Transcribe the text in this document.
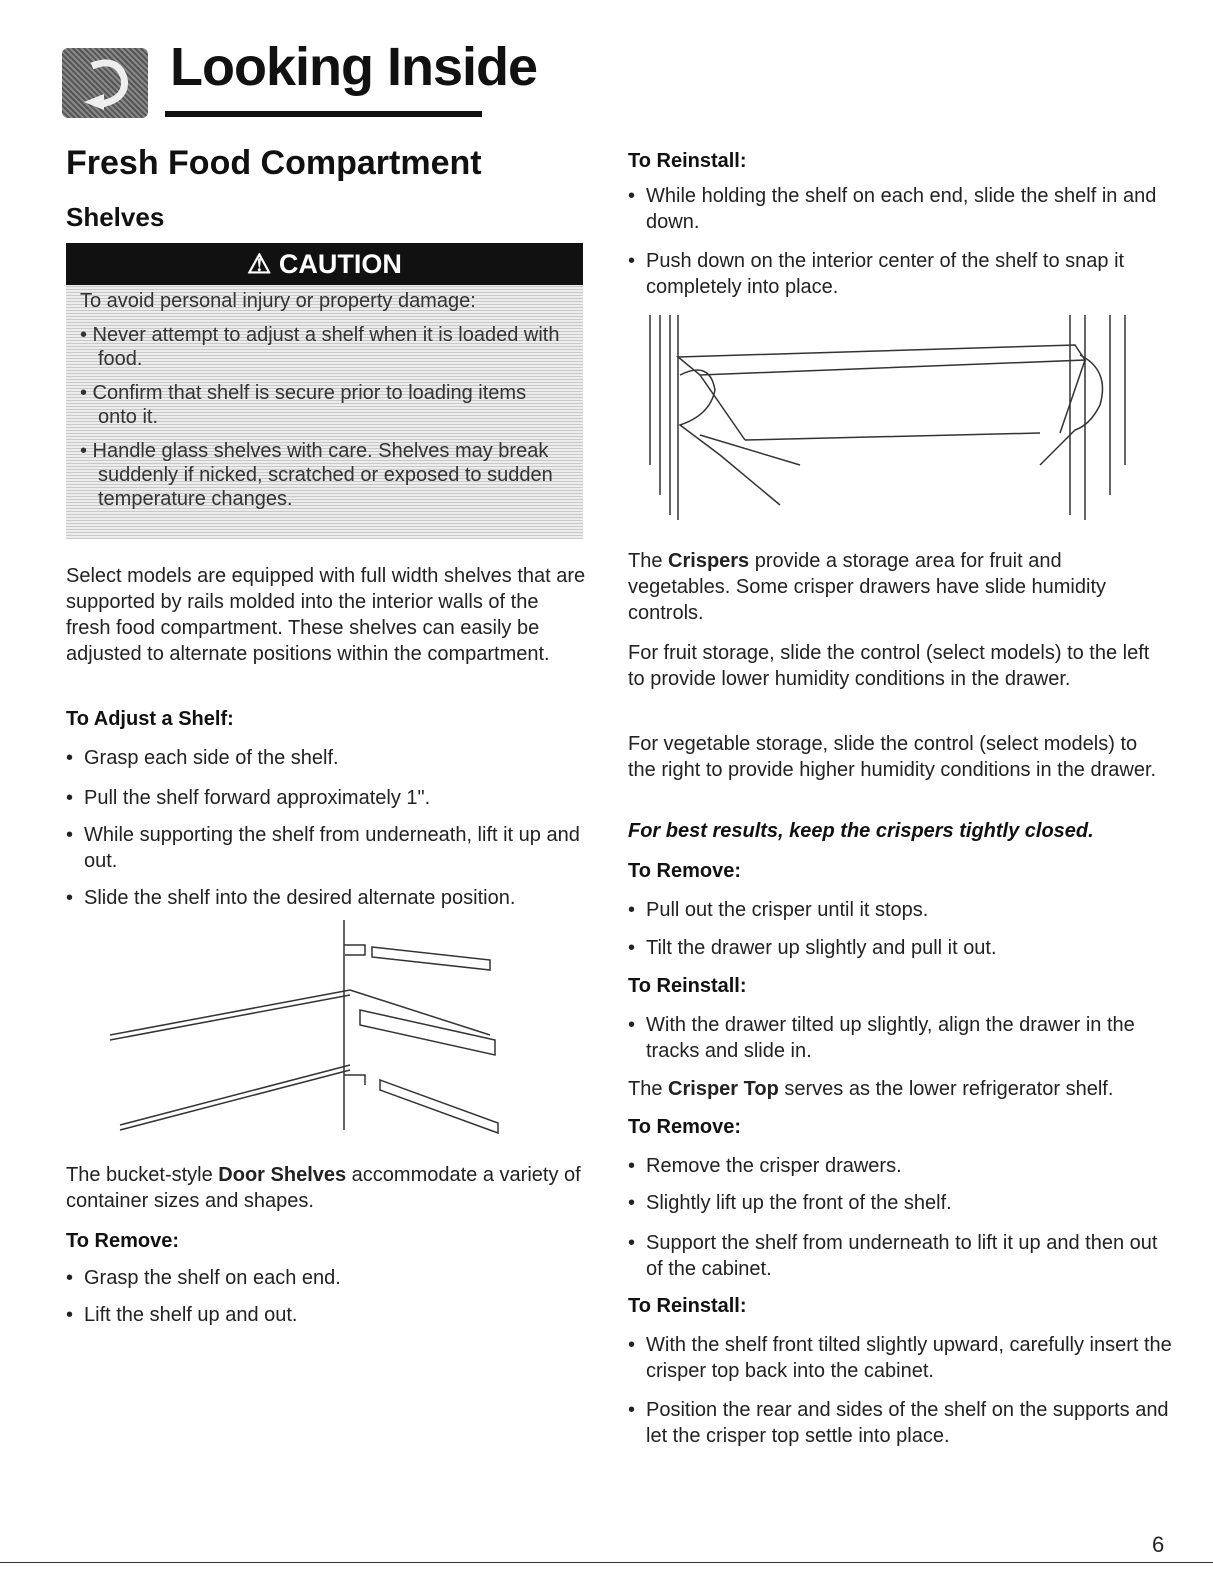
Looking Inside
Fresh Food Compartment
Shelves
⚠ CAUTION

To avoid personal injury or property damage:

• Never attempt to adjust a shelf when it is loaded with food.

• Confirm that shelf is secure prior to loading items onto it.

• Handle glass shelves with care. Shelves may break suddenly if nicked, scratched or exposed to sudden temperature changes.

Select models are equipped with full width shelves that are supported by rails molded into the interior walls of the fresh food compartment. These shelves can easily be adjusted to alternate positions within the compartment.
To Adjust a Shelf:
• Grasp each side of the shelf.
• Pull the shelf forward approximately 1".
• While supporting the shelf from underneath, lift it up and out.
• Slide the shelf into the desired alternate position.
The bucket-style Door Shelves accommodate a variety of container sizes and shapes.
To Remove:
• Grasp the shelf on each end.
• Lift the shelf up and out.
To Reinstall:
• While holding the shelf on each end, slide the shelf in and down.
• Push down on the interior center of the shelf to snap it completely into place.
The Crispers provide a storage area for fruit and vegetables. Some crisper drawers have slide humidity controls.
For fruit storage, slide the control (select models) to the left to provide lower humidity conditions in the drawer.
For vegetable storage, slide the control (select models) to the right to provide higher humidity conditions in the drawer.
For best results, keep the crispers tightly closed.
To Remove:
• Pull out the crisper until it stops.
• Tilt the drawer up slightly and pull it out.
To Reinstall:
• With the drawer tilted up slightly, align the drawer in the tracks and slide in.
The Crisper Top serves as the lower refrigerator shelf.
To Remove:
• Remove the crisper drawers.
• Slightly lift up the front of the shelf.
• Support the shelf from underneath to lift it up and then out of the cabinet.
To Reinstall:
• With the shelf front tilted slightly upward, carefully insert the crisper top back into the cabinet.
• Position the rear and sides of the shelf on the supports and let the crisper top settle into place.
6
